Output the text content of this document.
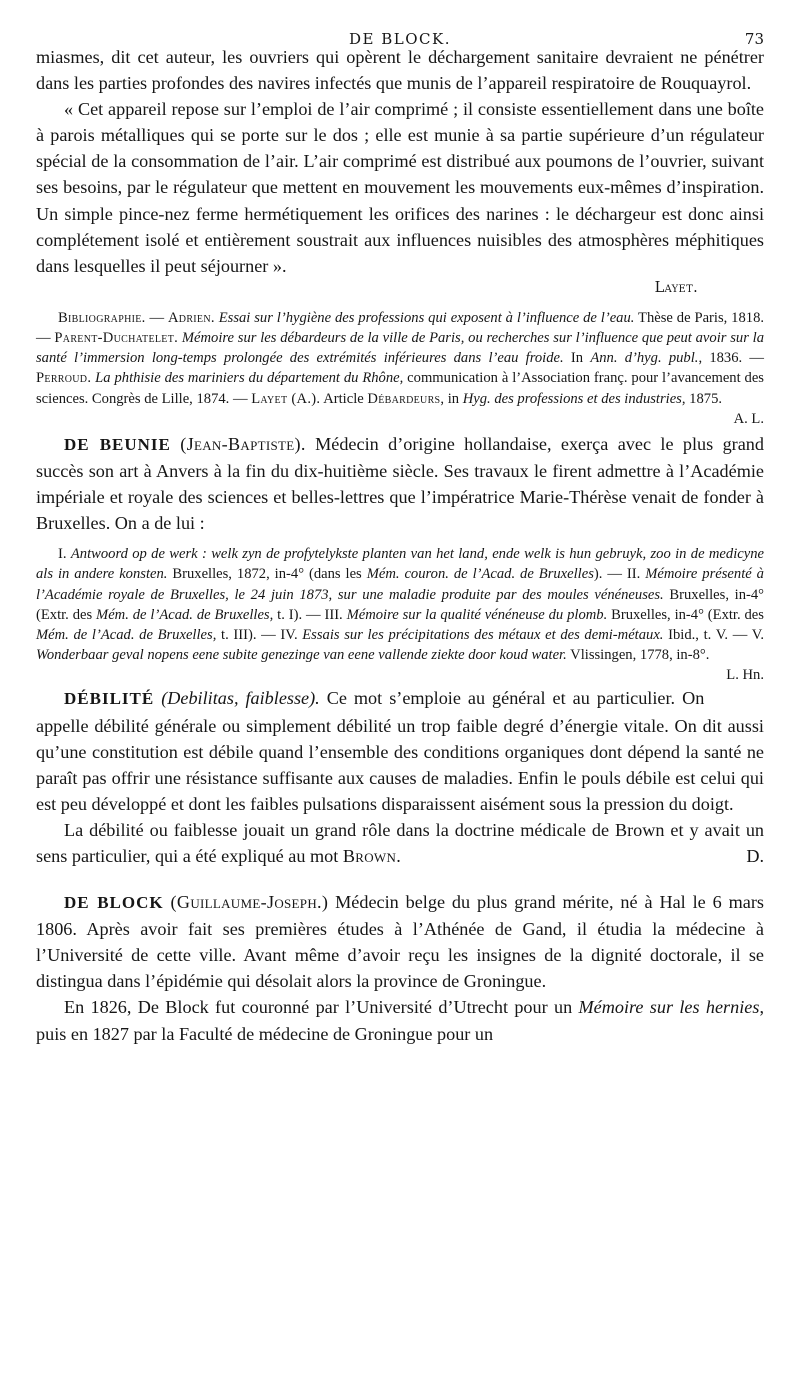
DE BLOCK.	73

miasmes, dit cet auteur, les ouvriers qui opèrent le déchargement sanitaire devraient ne pénétrer dans les parties profondes des navires infectés que munis de l’appareil respiratoire de Rouquayrol.

« Cet appareil repose sur l’emploi de l’air comprimé ; il consiste essentiellement dans une boîte à parois métalliques qui se porte sur le dos ; elle est munie à sa partie supérieure d’un régulateur spécial de la consommation de l’air. L’air comprimé est distribué aux poumons de l’ouvrier, suivant ses besoins, par le régulateur que mettent en mouvement les mouvements eux-mêmes d’inspiration. Un simple pince-nez ferme hermétiquement les orifices des narines : le déchargeur est donc ainsi complétement isolé et entièrement soustrait aux influences nuisibles des atmosphères méphitiques dans lesquelles il peut séjourner ».

Layet.

Bibliographie. — Adrien. Essai sur l’hygiène des professions qui exposent à l’influence de l’eau. Thèse de Paris, 1818. — Parent-Duchatelet. Mémoire sur les débardeurs de la ville de Paris, ou recherches sur l’influence que peut avoir sur la santé l’immersion long-temps prolongée des extrémités inférieures dans l’eau froide. In Ann. d’hyg. publ., 1836. — Perroud. La phthisie des mariniers du département du Rhône, communication à l’Association franç. pour l’avancement des sciences. Congrès de Lille, 1874. — Layet (A.). Article Débardeurs, in Hyg. des professions et des industries, 1875.
A. L.

DE BEUNIE (Jean-Baptiste). Médecin d’origine hollandaise, exerça avec le plus grand succès son art à Anvers à la fin du dix-huitième siècle. Ses travaux le firent admettre à l’Académie impériale et royale des sciences et belles-lettres que l’impératrice Marie-Thérèse venait de fonder à Bruxelles. On a de lui :

I. Antwoord op de werk : welk zyn de profytelykste planten van het land, ende welk is hun gebruyk, zoo in de medicyne als in andere konsten. Bruxelles, 1872, in-4° (dans les Mém. couron. de l’Acad. de Bruxelles). — II. Mémoire présenté à l’Académie royale de Bruxelles, le 24 juin 1873, sur une maladie produite par des moules vénéneuses. Bruxelles, in-4° (Extr. des Mém. de l’Acad. de Bruxelles, t. I). — III. Mémoire sur la qualité vénéneuse du plomb. Bruxelles, in-4° (Extr. des Mém. de l’Acad. de Bruxelles, t. III). — IV. Essais sur les précipitations des métaux et des demi-métaux. Ibid., t. V. — V. Wonderbaar geval nopens eene subite genezinge van eene vallende ziekte door koud water. Vlissingen, 1778, in-8°.
L. Hn.

DÉBILITÉ (Debilitas, faiblesse). Ce mot s’emploie au général et au particulier. On appelle débilité générale ou simplement débilité un trop faible degré d’énergie vitale. On dit aussi qu’une constitution est débile quand l’ensemble des conditions organiques dont dépend la santé ne paraît pas offrir une résistance suffisante aux causes de maladies. Enfin le pouls débile est celui qui est peu développé et dont les faibles pulsations disparaissent aisément sous la pression du doigt.

La débilité ou faiblesse jouait un grand rôle dans la doctrine médicale de Brown et y avait un sens particulier, qui a été expliqué au mot Brown.	D.

DE BLOCK (Guillaume-Joseph.) Médecin belge du plus grand mérite, né à Hal le 6 mars 1806. Après avoir fait ses premières études à l’Athénée de Gand, il étudia la médecine à l’Université de cette ville. Avant même d’avoir reçu les insignes de la dignité doctorale, il se distingua dans l’épidémie qui désolait alors la province de Groningue.

En 1826, De Block fut couronné par l’Université d’Utrecht pour un Mémoire sur les hernies, puis en 1827 par la Faculté de médecine de Groningue pour un
